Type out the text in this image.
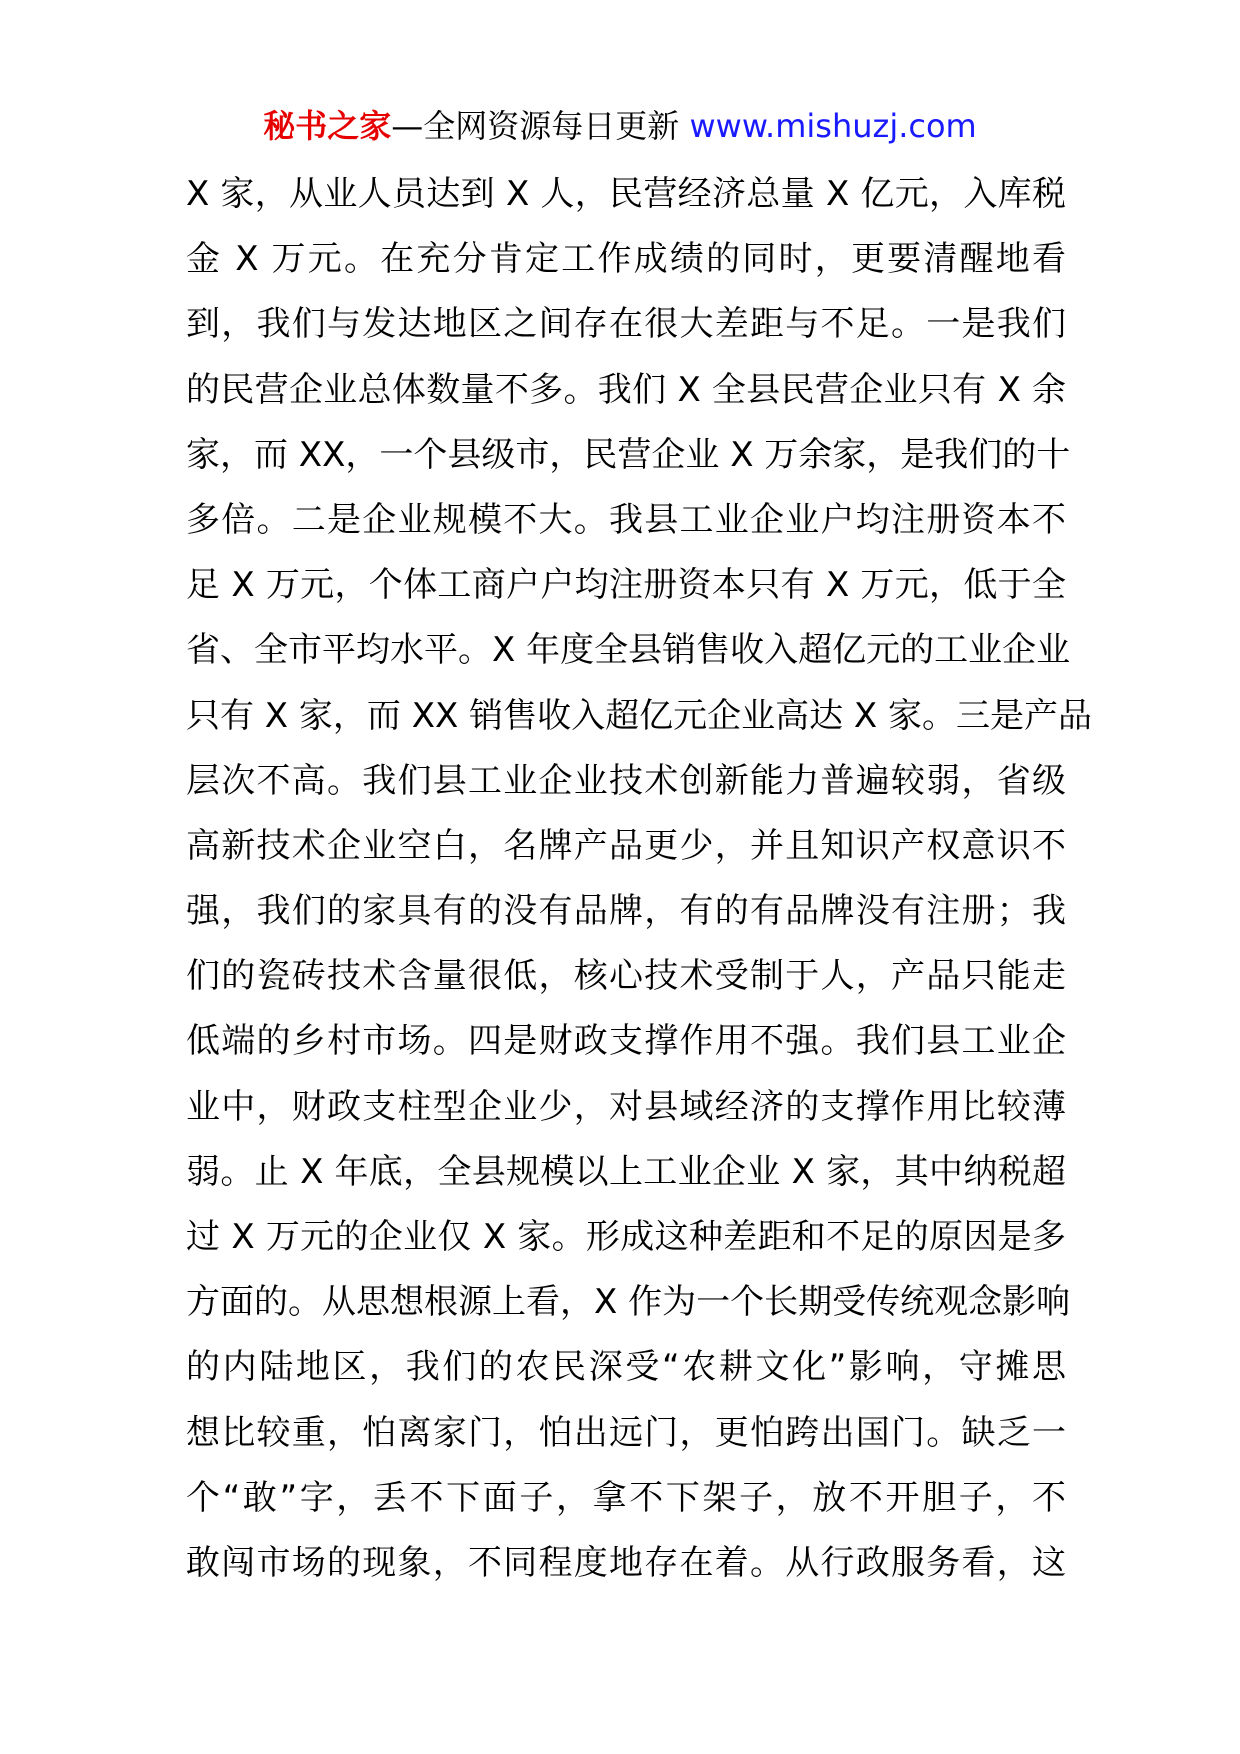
秘书之家—全网资源每日更新 www.mishuzj.com
X 家，从业人员达到 X 人，民营经济总量 X 亿元，入库税
金 X 万元。在充分肯定工作成绩的同时，更要清醒地看
到，我们与发达地区之间存在很大差距与不足。一是我们
的民营企业总体数量不多。我们 X 全县民营企业只有 X 余
家，而 XX，一个县级市，民营企业 X 万余家，是我们的十
多倍。二是企业规模不大。我县工业企业户均注册资本不
足 X 万元，个体工商户户均注册资本只有 X 万元，低于全
省、全市平均水平。X 年度全县销售收入超亿元的工业企业
只有 X 家，而 XX 销售收入超亿元企业高达 X 家。三是产品
层次不高。我们县工业企业技术创新能力普遍较弱，省级
高新技术企业空白，名牌产品更少，并且知识产权意识不
强，我们的家具有的没有品牌，有的有品牌没有注册；我
们的瓷砖技术含量很低，核心技术受制于人，产品只能走
低端的乡村市场。四是财政支撑作用不强。我们县工业企
业中，财政支柱型企业少，对县域经济的支撑作用比较薄
弱。止 X 年底，全县规模以上工业企业 X 家，其中纳税超
过 X 万元的企业仅 X 家。形成这种差距和不足的原因是多
方面的。从思想根源上看，X 作为一个长期受传统观念影响
的内陆地区，我们的农民深受“农耕文化”影响，守摊思
想比较重，怕离家门，怕出远门，更怕跨出国门。缺乏一
个“敢”字，丢不下面子，拿不下架子，放不开胆子，不
敢闯市场的现象，不同程度地存在着。从行政服务看，这
